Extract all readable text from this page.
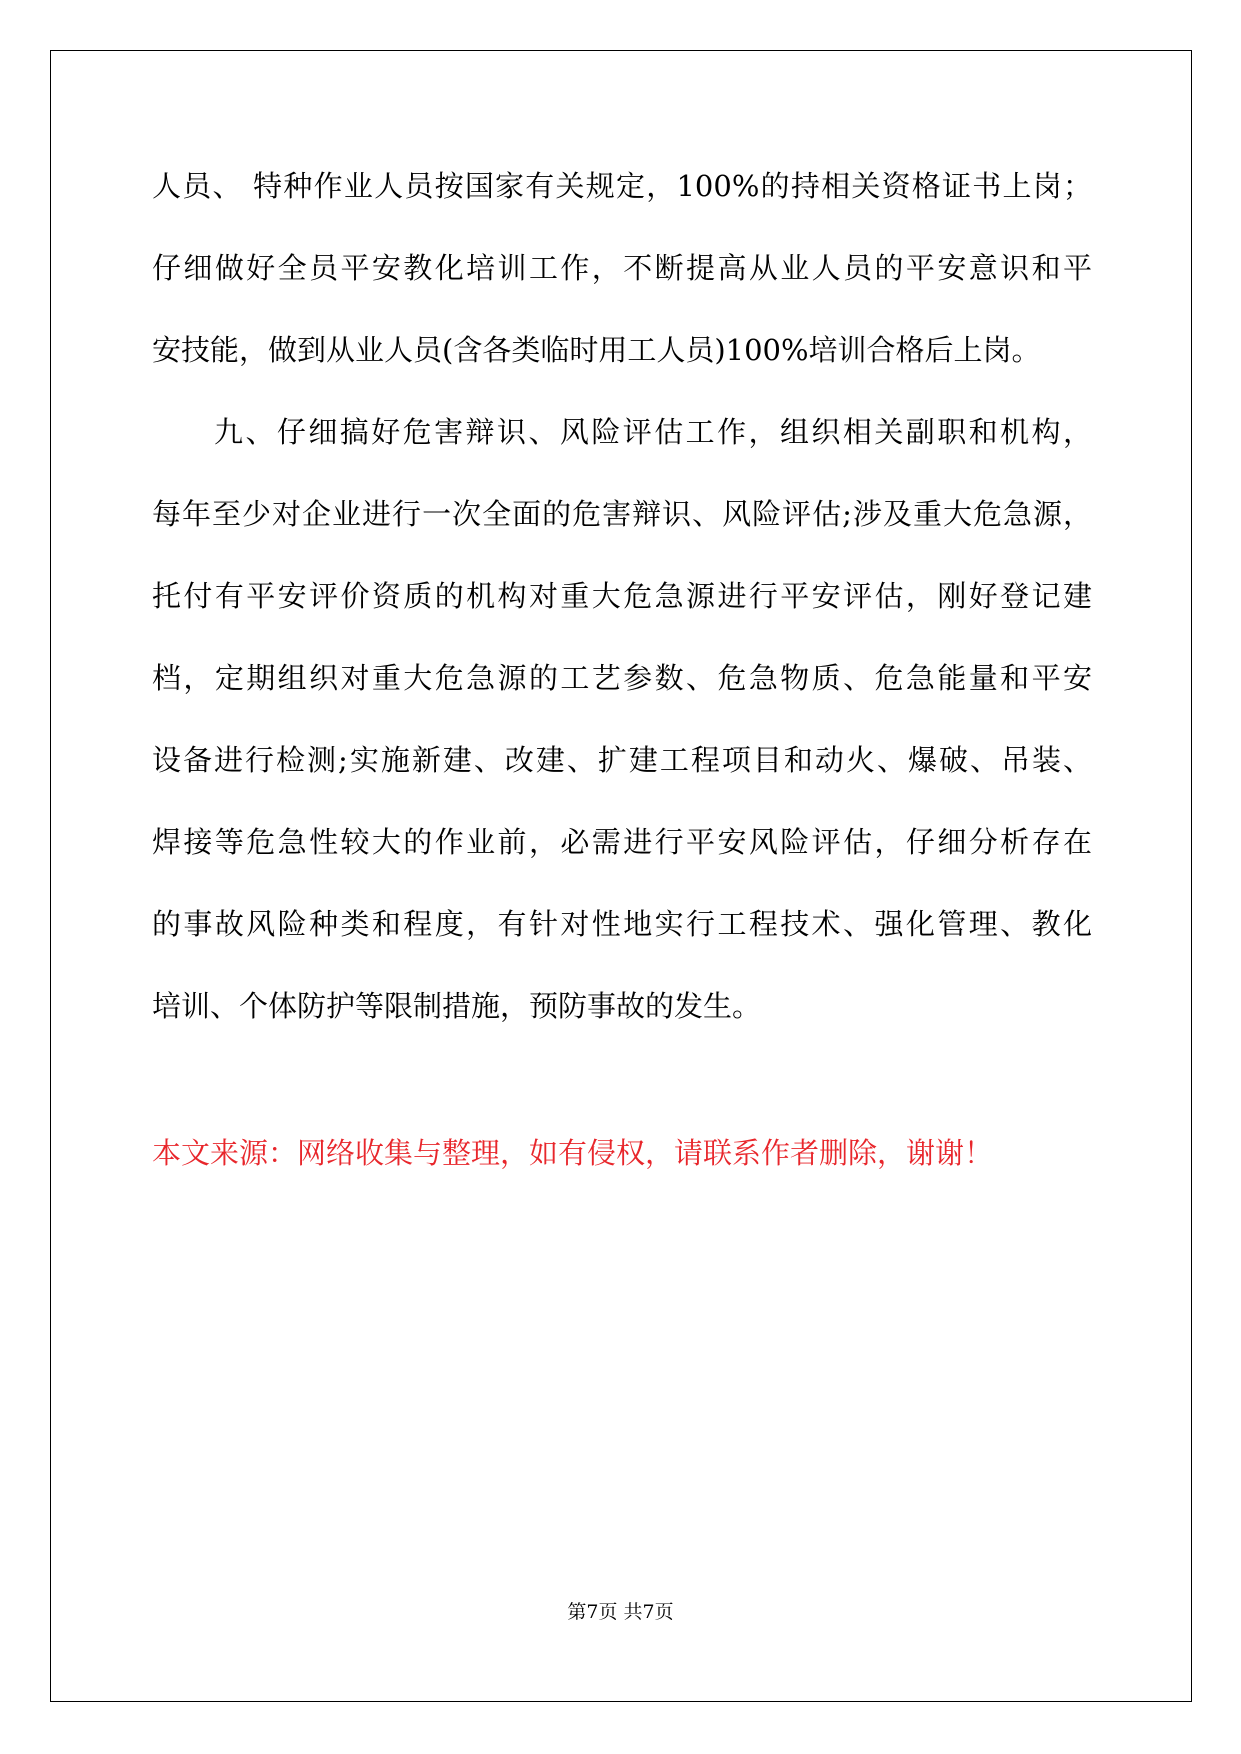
人员、 特种作业人员按国家有关规定，100%的持相关资格证书上岗；
仔细做好全员平安教化培训工作，不断提高从业人员的平安意识和平
安技能，做到从业人员(含各类临时用工人员)100%培训合格后上岗。
九、仔细搞好危害辩识、风险评估工作，组织相关副职和机构，
每年至少对企业进行一次全面的危害辩识、风险评估;涉及重大危急源，
托付有平安评价资质的机构对重大危急源进行平安评估，刚好登记建
档，定期组织对重大危急源的工艺参数、危急物质、危急能量和平安
设备进行检测;实施新建、改建、扩建工程项目和动火、爆破、吊装、
焊接等危急性较大的作业前，必需进行平安风险评估，仔细分析存在
的事故风险种类和程度，有针对性地实行工程技术、强化管理、教化
培训、个体防护等限制措施，预防事故的发生。
本文来源：网络收集与整理，如有侵权，请联系作者删除，谢谢！
第7页 共7页
